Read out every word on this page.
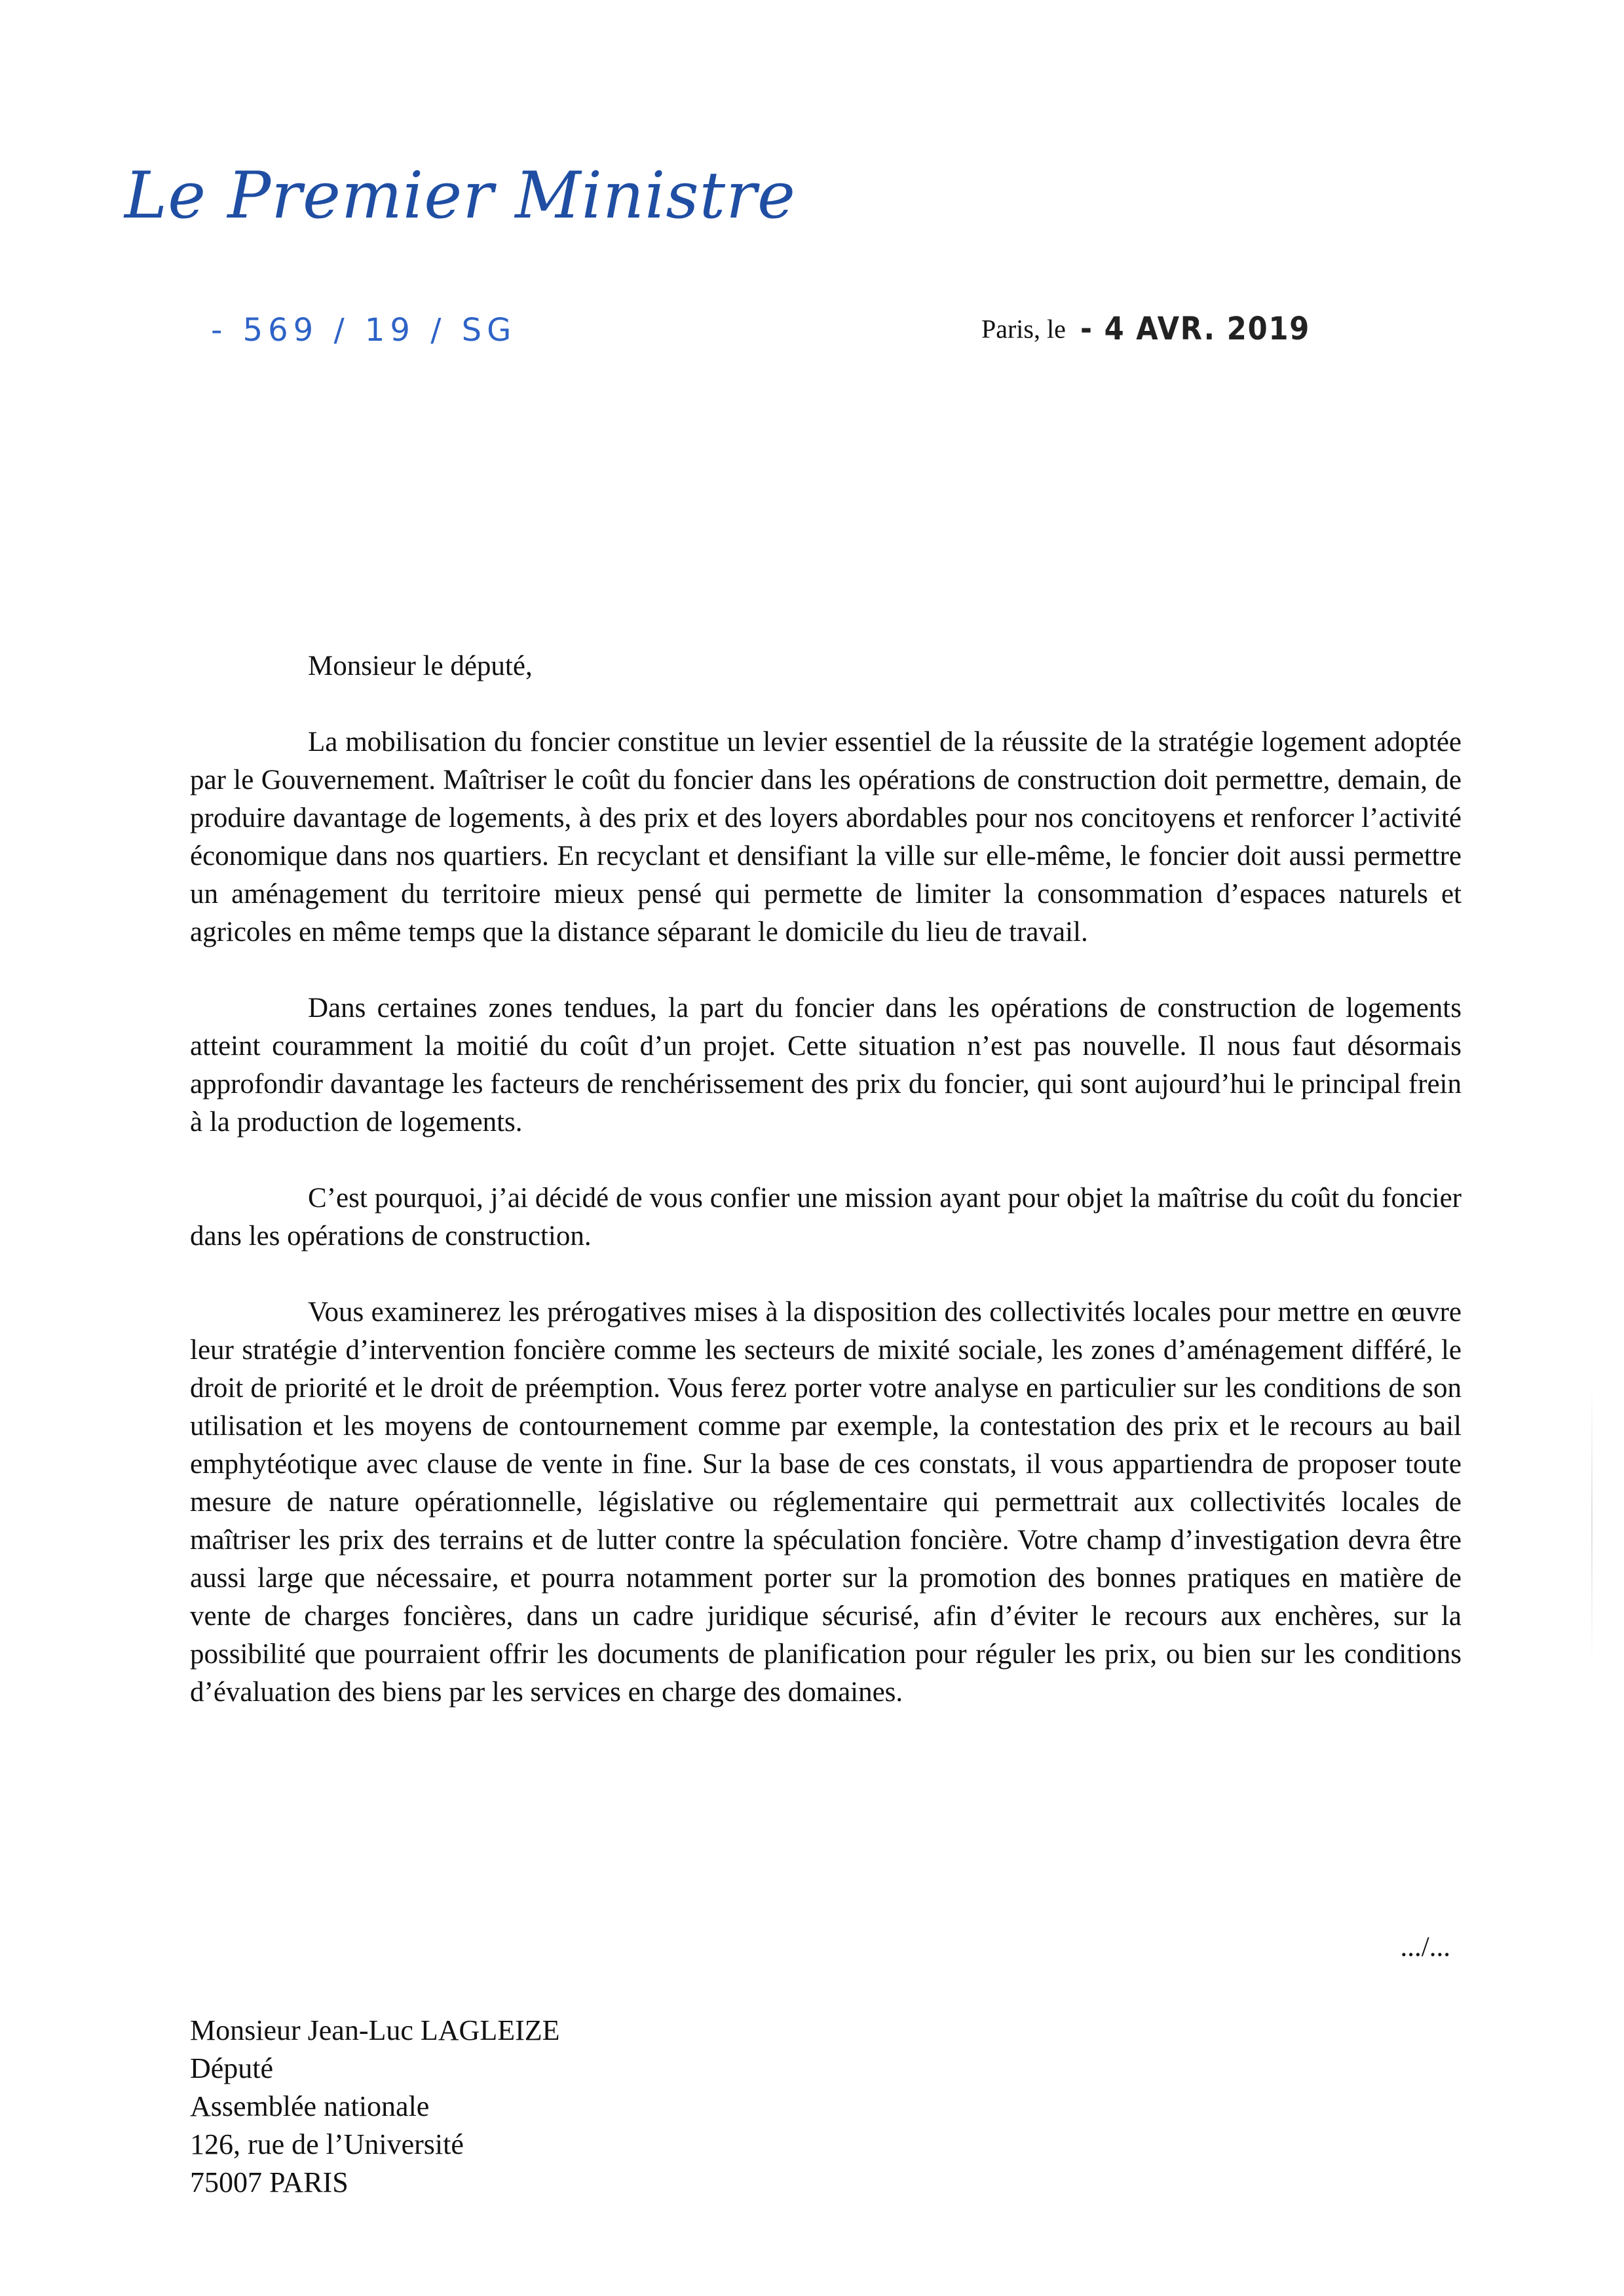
Le Premier Ministre
- 569 / 19 / SG	Paris, le - 4 AVR. 2019

Monsieur le député,

La mobilisation du foncier constitue un levier essentiel de la réussite de la stratégie logement adoptée par le Gouvernement. Maîtriser le coût du foncier dans les opérations de construction doit permettre, demain, de produire davantage de logements, à des prix et des loyers abordables pour nos concitoyens et renforcer l’activité économique dans nos quartiers. En recyclant et densifiant la ville sur elle-même, le foncier doit aussi permettre un aménagement du territoire mieux pensé qui permette de limiter la consommation d’espaces naturels et agricoles en même temps que la distance séparant le domicile du lieu de travail.

Dans certaines zones tendues, la part du foncier dans les opérations de construction de logements atteint couramment la moitié du coût d’un projet. Cette situation n’est pas nouvelle. Il nous faut désormais approfondir davantage les facteurs de renchérissement des prix du foncier, qui sont aujourd’hui le principal frein à la production de logements.

C’est pourquoi, j’ai décidé de vous confier une mission ayant pour objet la maîtrise du coût du foncier dans les opérations de construction.

Vous examinerez les prérogatives mises à la disposition des collectivités locales pour mettre en œuvre leur stratégie d’intervention foncière comme les secteurs de mixité sociale, les zones d’aménagement différé, le droit de priorité et le droit de préemption. Vous ferez porter votre analyse en particulier sur les conditions de son utilisation et les moyens de contournement comme par exemple, la contestation des prix et le recours au bail emphytéotique avec clause de vente in fine. Sur la base de ces constats, il vous appartiendra de proposer toute mesure de nature opérationnelle, législative ou réglementaire qui permettrait aux collectivités locales de maîtriser les prix des terrains et de lutter contre la spéculation foncière. Votre champ d’investigation devra être aussi large que nécessaire, et pourra notamment porter sur la promotion des bonnes pratiques en matière de vente de charges foncières, dans un cadre juridique sécurisé, afin d’éviter le recours aux enchères, sur la possibilité que pourraient offrir les documents de planification pour réguler les prix, ou bien sur les conditions d’évaluation des biens par les services en charge des domaines.

.../...
Monsieur Jean-Luc LAGLEIZE
Député
Assemblée nationale
126, rue de l’Université
75007 PARIS
